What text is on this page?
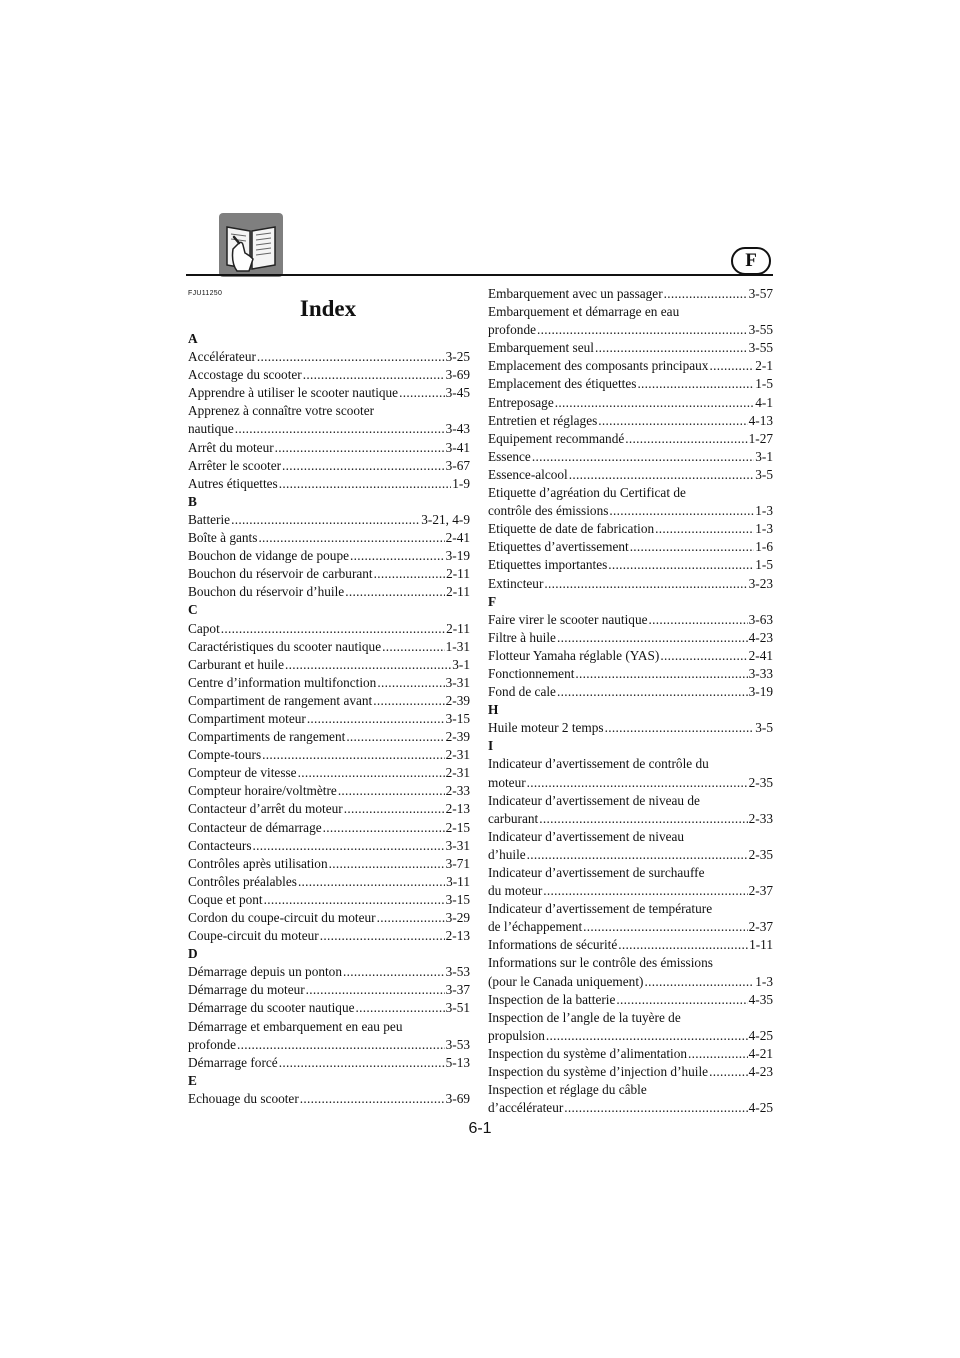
F
FJU11250
Index
A
Accélérateur .....	3-25
Accostage du scooter .....	3-69
Apprendre à utiliser le scooter nautique .....	3-45
Apprenez à connaître votre scooter
nautique .....	3-43
Arrêt du moteur .....	3-41
Arrêter le scooter .....	3-67
Autres étiquettes .....	1-9
B
Batterie .....	3-21, 4-9
Boîte à gants .....	2-41
Bouchon de vidange de poupe .....	3-19
Bouchon du réservoir de carburant .....	2-11
Bouchon du réservoir d’huile .....	2-11
C
Capot .....	2-11
Caractéristiques du scooter nautique .....	1-31
Carburant et huile .....	3-1
Centre d’information multifonction .....	3-31
Compartiment de rangement avant .....	2-39
Compartiment moteur .....	3-15
Compartiments de rangement .....	2-39
Compte-tours .....	2-31
Compteur de vitesse .....	2-31
Compteur horaire/voltmètre .....	2-33
Contacteur d’arrêt du moteur .....	2-13
Contacteur de démarrage .....	2-15
Contacteurs .....	3-31
Contrôles après utilisation .....	3-71
Contrôles préalables .....	3-11
Coque et pont .....	3-15
Cordon du coupe-circuit du moteur .....	3-29
Coupe-circuit du moteur .....	2-13
D
Démarrage depuis un ponton .....	3-53
Démarrage du moteur .....	3-37
Démarrage du scooter nautique .....	3-51
Démarrage et embarquement en eau peu
profonde .....	3-53
Démarrage forcé .....	5-13
E
Echouage du scooter .....	3-69
Embarquement avec un passager .....	3-57
Embarquement et démarrage en eau
profonde .....	3-55
Embarquement seul .....	3-55
Emplacement des composants principaux .....	2-1
Emplacement des étiquettes .....	1-5
Entreposage .....	4-1
Entretien et réglages .....	4-13
Equipement recommandé .....	1-27
Essence .....	3-1
Essence-alcool .....	3-5
Etiquette d’agréation du Certificat de
contrôle des émissions .....	1-3
Etiquette de date de fabrication .....	1-3
Etiquettes d’avertissement .....	1-6
Etiquettes importantes .....	1-5
Extincteur .....	3-23
F
Faire virer le scooter nautique .....	3-63
Filtre à huile .....	4-23
Flotteur Yamaha réglable (YAS) .....	2-41
Fonctionnement .....	3-33
Fond de cale .....	3-19
H
Huile moteur 2 temps .....	3-5
I
Indicateur d’avertissement de contrôle du
moteur .....	2-35
Indicateur d’avertissement de niveau de
carburant .....	2-33
Indicateur d’avertissement de niveau
d’huile .....	2-35
Indicateur d’avertissement de surchauffe
du moteur .....	2-37
Indicateur d’avertissement de température
de l’échappement .....	2-37
Informations de sécurité .....	1-11
Informations sur le contrôle des émissions
(pour le Canada uniquement) .....	1-3
Inspection de la batterie .....	4-35
Inspection de l’angle de la tuyère de
propulsion .....	4-25
Inspection du système d’alimentation .....	4-21
Inspection du système d’injection d’huile .....	4-23
Inspection et réglage du câble
d’accélérateur .....	4-25
6-1
